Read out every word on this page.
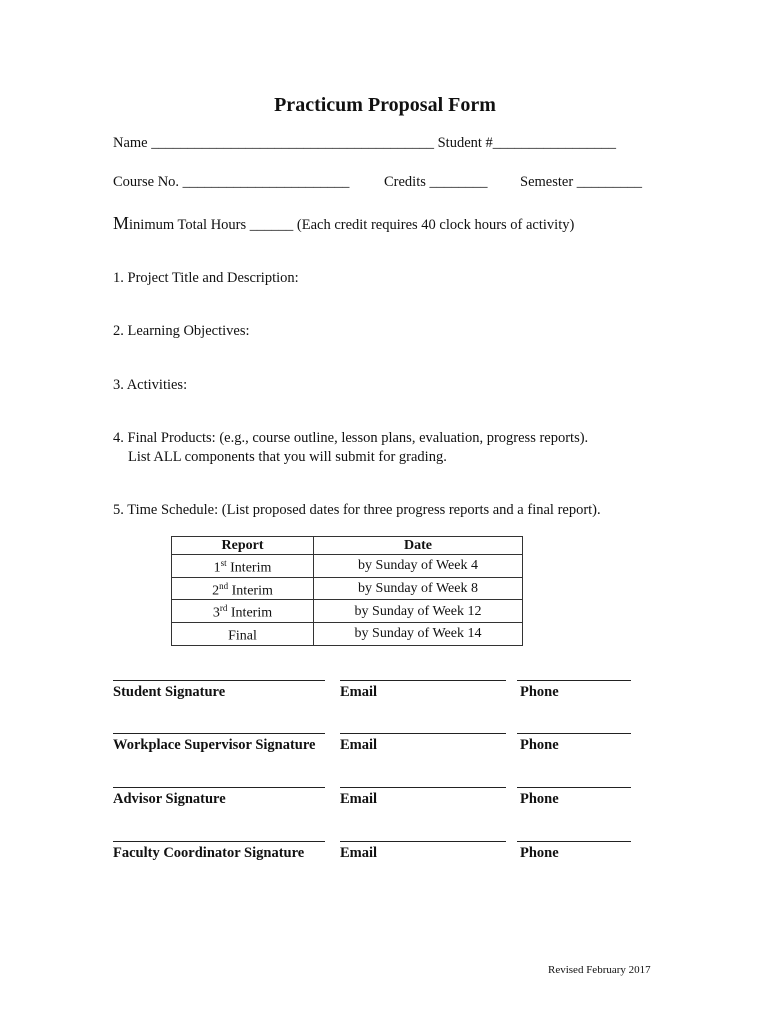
Practicum Proposal Form
Name _______________________________________ Student #_________________
Course No. _______________________ Credits ________ Semester _________
Minimum Total Hours ______ (Each credit requires 40 clock hours of activity)
1. Project Title and Description:
2. Learning Objectives:
3. Activities:
4. Final Products: (e.g., course outline, lesson plans, evaluation, progress reports).
List ALL components that you will submit for grading.
5. Time Schedule: (List proposed dates for three progress reports and a final report).
Report	Date
1st Interim	by Sunday of Week 4
2nd Interim	by Sunday of Week 8
3rd Interim	by Sunday of Week 12
Final	by Sunday of Week 14
Student Signature	Email	Phone
Workplace Supervisor Signature Email	Phone
Advisor Signature	Email	Phone
Faculty Coordinator Signature Email	Phone
Revised February 2017
